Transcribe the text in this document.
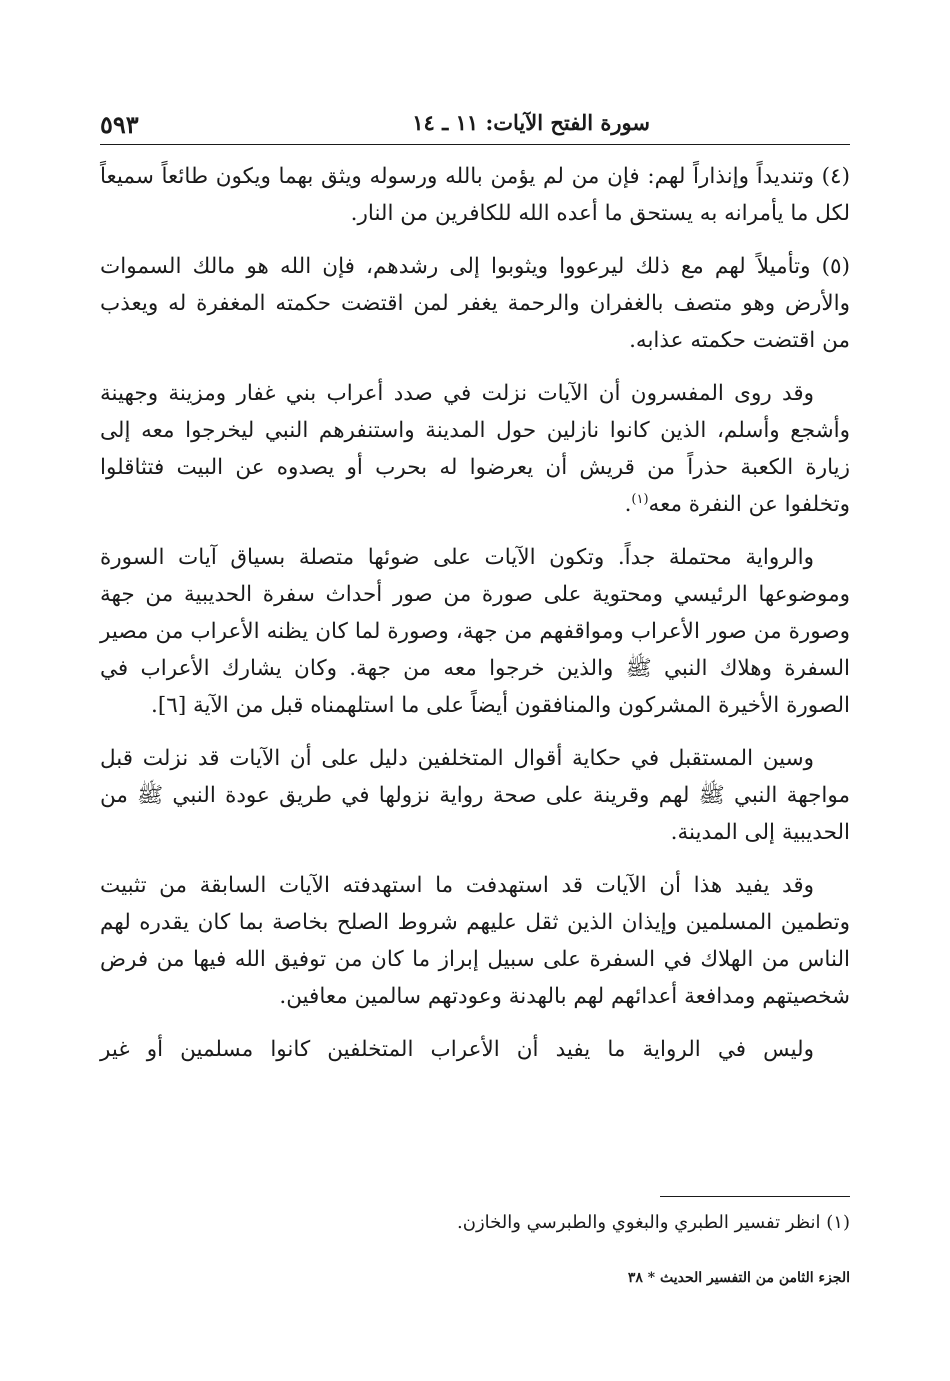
سورة الفتح الآيات: ١١ ـ ١٤
٥٩٣

(٤) وتنديداً وإنذاراً لهم: فإن من لم يؤمن بالله ورسوله ويثق بهما ويكون طائعاً سميعاً لكل ما يأمرانه به يستحق ما أعده الله للكافرين من النار.

(٥) وتأميلاً لهم مع ذلك ليرعووا ويثوبوا إلى رشدهم، فإن الله هو مالك السموات والأرض وهو متصف بالغفران والرحمة يغفر لمن اقتضت حكمته المغفرة له ويعذب من اقتضت حكمته عذابه.

وقد روى المفسرون أن الآيات نزلت في صدد أعراب بني غفار ومزينة وجهينة وأشجع وأسلم، الذين كانوا نازلين حول المدينة واستنفرهم النبي ليخرجوا معه إلى زيارة الكعبة حذراً من قريش أن يعرضوا له بحرب أو يصدوه عن البيت فتثاقلوا وتخلفوا عن النفرة معه$^{(١)}$.

والرواية محتملة جداً. وتكون الآيات على ضوئها متصلة بسياق آيات السورة وموضوعها الرئيسي ومحتوية على صورة من صور أحداث سفرة الحديبية من جهة وصورة من صور الأعراب ومواقفهم من جهة، وصورة لما كان يظنه الأعراب من مصير السفرة وهلاك النبي ﷺ والذين خرجوا معه من جهة. وكان يشارك الأعراب في الصورة الأخيرة المشركون والمنافقون أيضاً على ما استلهمناه قبل من الآية [٦].

وسين المستقبل في حكاية أقوال المتخلفين دليل على أن الآيات قد نزلت قبل مواجهة النبي ﷺ لهم وقرينة على صحة رواية نزولها في طريق عودة النبي ﷺ من الحديبية إلى المدينة.

وقد يفيد هذا أن الآيات قد استهدفت ما استهدفته الآيات السابقة من تثبيت وتطمين المسلمين وإيذان الذين ثقل عليهم شروط الصلح بخاصة بما كان يقدره لهم الناس من الهلاك في السفرة على سبيل إبراز ما كان من توفيق الله فيها من فرض شخصيتهم ومدافعة أعدائهم لهم بالهدنة وعودتهم سالمين معافين.

وليس في الرواية ما يفيد أن الأعراب المتخلفين كانوا مسلمين أو غير

(١) انظر تفسير الطبري والبغوي والطبرسي والخازن.
الجزء الثامن من التفسير الحديث * ٣٨
